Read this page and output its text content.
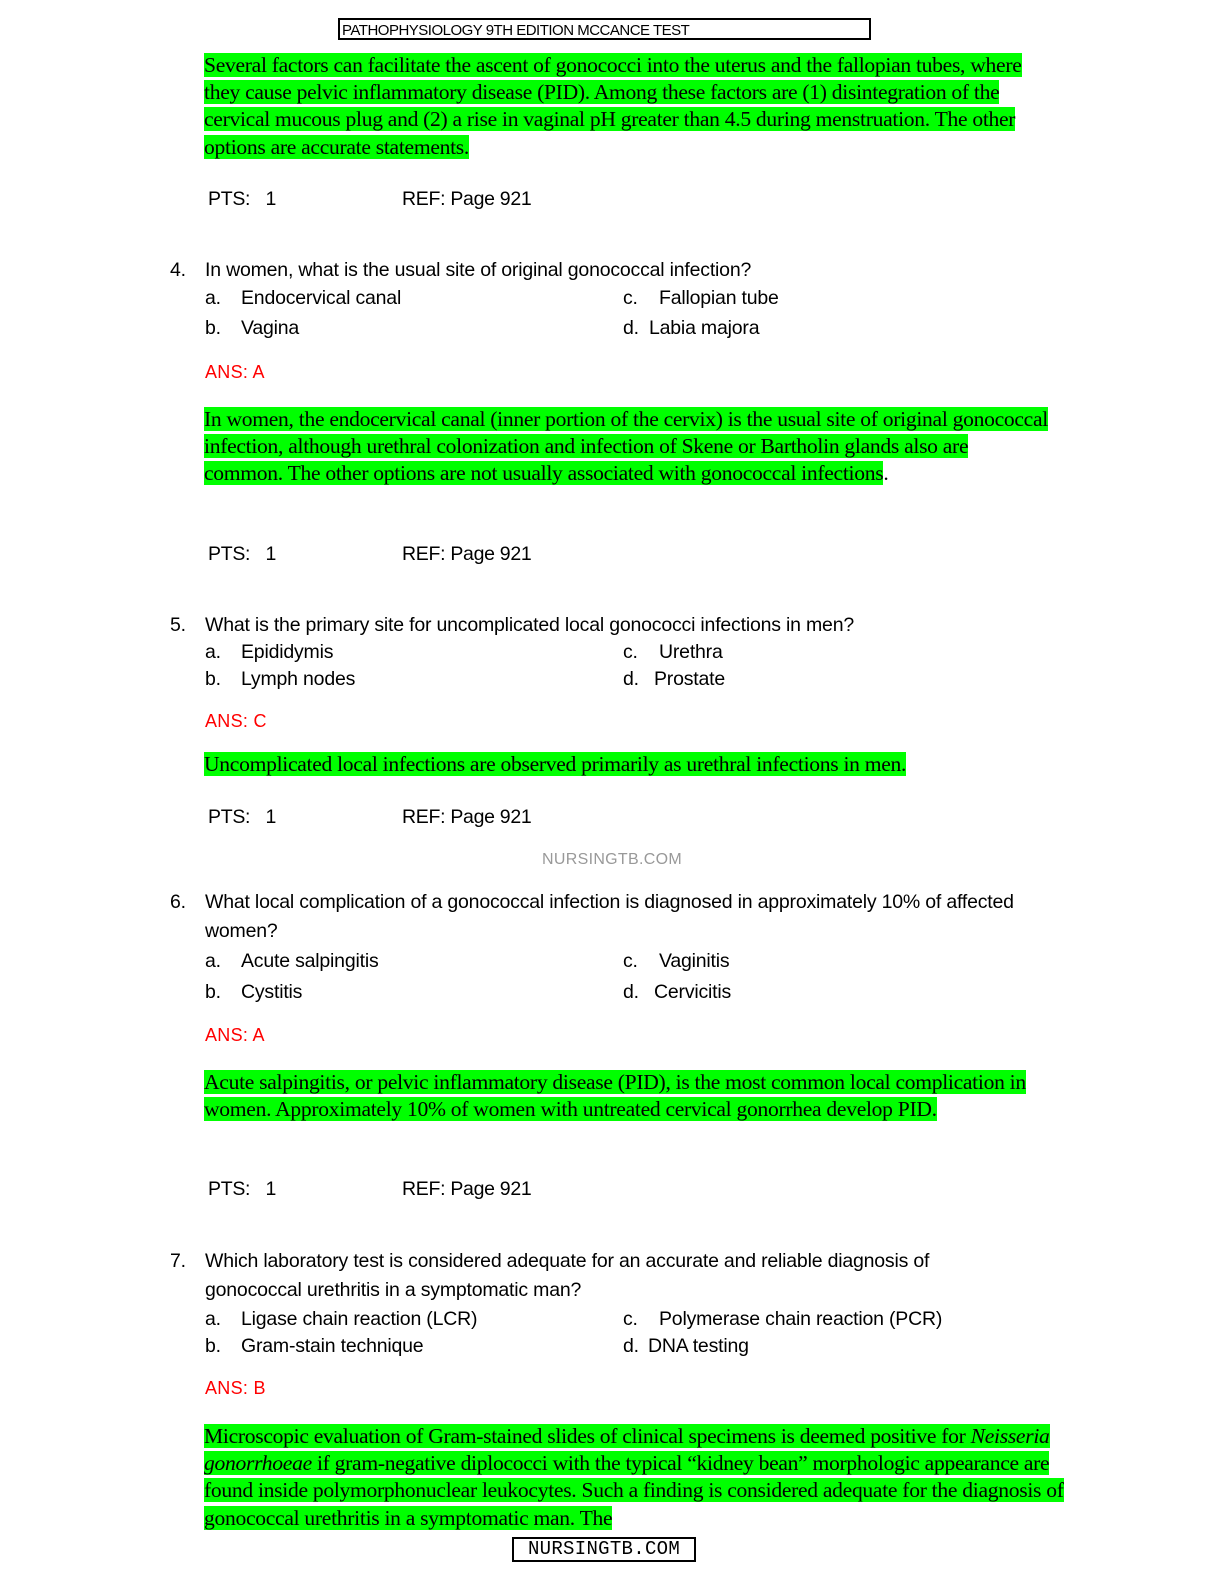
PATHOPHYSIOLOGY 9TH EDITION MCCANCE TEST
Several factors can facilitate the ascent of gonococci into the uterus and the fallopian tubes, where they cause pelvic inflammatory disease (PID). Among these factors are (1) disintegration of the cervical mucous plug and (2) a rise in vaginal pH greater than 4.5 during menstruation. The other options are accurate statements.
PTS:   1	REF: Page 921
4. In women, what is the usual site of original gonococcal infection?
a. Endocervical canal	c. Fallopian tube
b. Vagina	d. Labia majora
ANS: A
In women, the endocervical canal (inner portion of the cervix) is the usual site of original gonococcal infection, although urethral colonization and infection of Skene or Bartholin glands also are common. The other options are not usually associated with gonococcal infections.
PTS:   1	REF: Page 921
5. What is the primary site for uncomplicated local gonococci infections in men?
a. Epididymis	c. Urethra
b. Lymph nodes	d. Prostate
ANS: C
Uncomplicated local infections are observed primarily as urethral infections in men.
PTS:   1	REF: Page 921
NURSINGTB.COM
6. What local complication of a gonococcal infection is diagnosed in approximately 10% of affected women?
a. Acute salpingitis	c. Vaginitis
b. Cystitis	d. Cervicitis
ANS: A
Acute salpingitis, or pelvic inflammatory disease (PID), is the most common local complication in women. Approximately 10% of women with untreated cervical gonorrhea develop PID.
PTS:   1	REF: Page 921
7. Which laboratory test is considered adequate for an accurate and reliable diagnosis of gonococcal urethritis in a symptomatic man?
a. Ligase chain reaction (LCR)	c. Polymerase chain reaction (PCR)
b. Gram-stain technique	d. DNA testing
ANS: B
Microscopic evaluation of Gram-stained slides of clinical specimens is deemed positive for Neisseria gonorrhoeae if gram-negative diplococci with the typical “kidney bean” morphologic appearance are found inside polymorphonuclear leukocytes. Such a finding is considered adequate for the diagnosis of gonococcal urethritis in a symptomatic man. The
NURSINGTB.COM
